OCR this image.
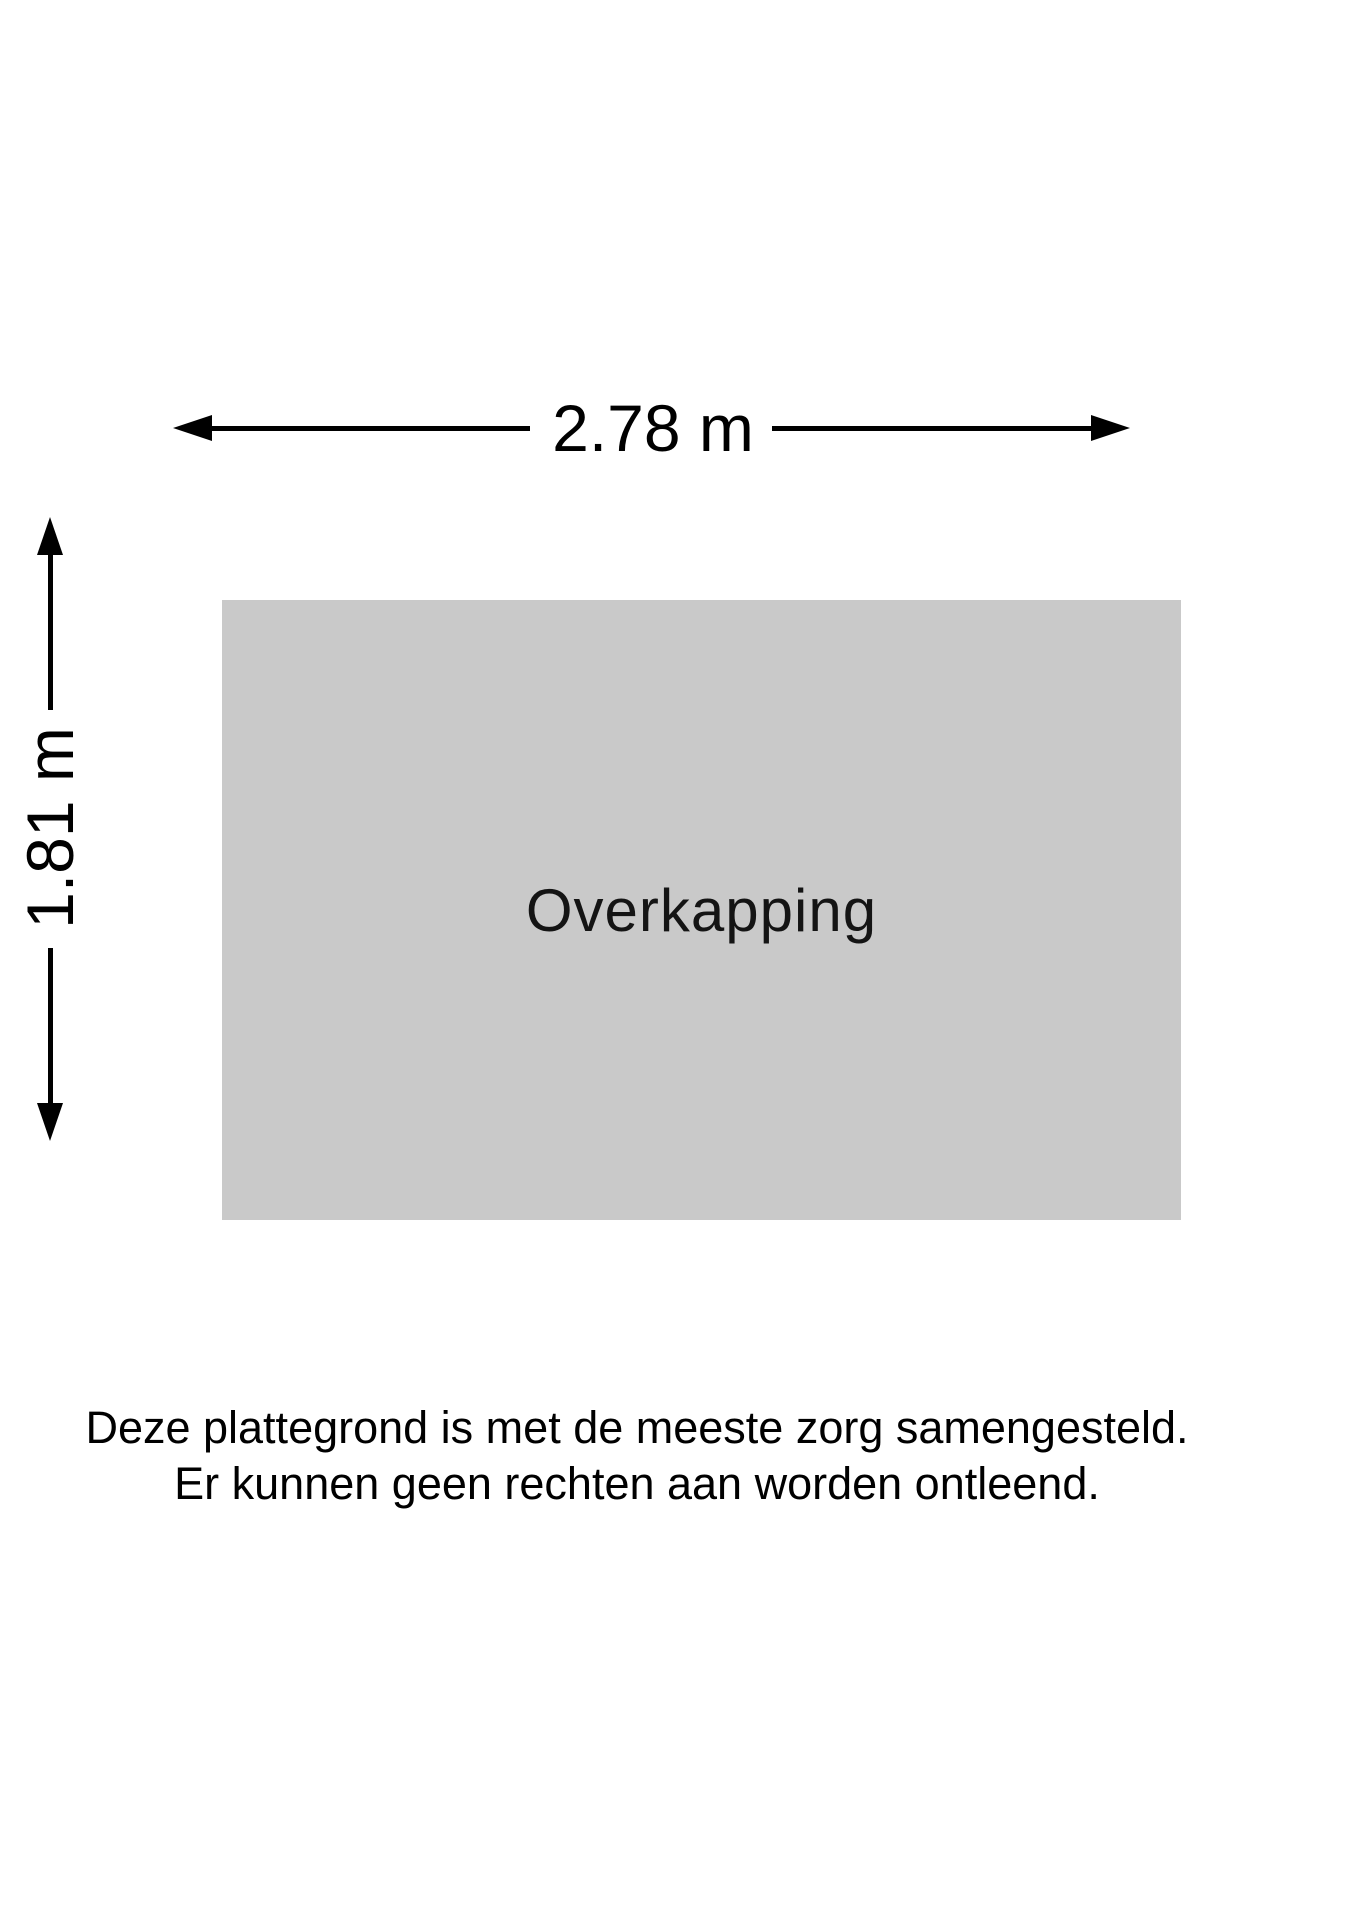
2.78 m
1.81 m	Overkapping
Deze plattegrond is met de meeste zorg samengesteld.
Er kunnen geen rechten aan worden ontleend.
